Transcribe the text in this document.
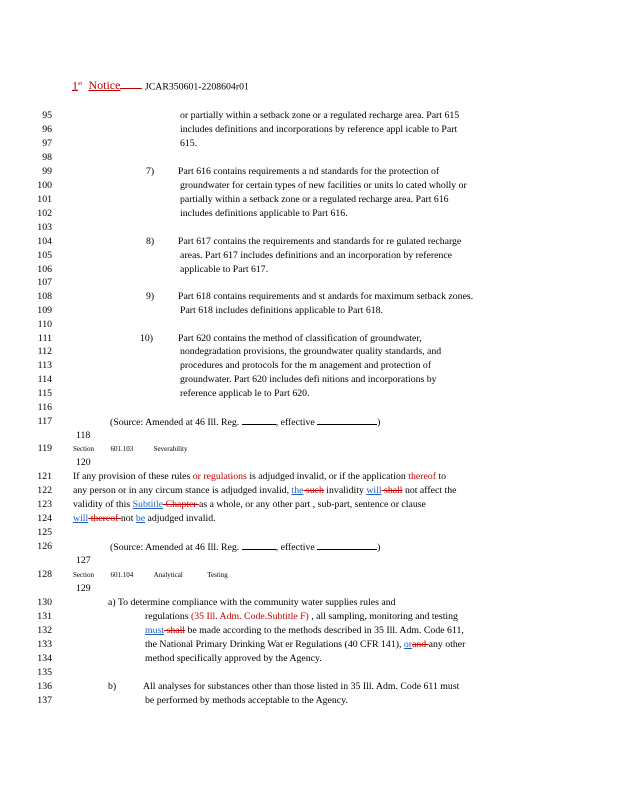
1st Notice JCAR350601-2208604r01
95
96
97
98
99
100
101
102
103
104
105
106
107
108
109
110
111
112
113
114
115
116
117
118
119
120
121
122
123
124
125
126
127
128
129
130
131
132
133
134
135
136
137
or partially within a setback zone or a regulated recharge area. Part 615
includes definitions and incorporations by reference appl icable to Part
615.
7) Part 616 contains requirements a nd standards for the protection of
groundwater for certain types of new facilities or units lo cated wholly or
partially within a setback zone or a regulated recharge area. Part 616
includes definitions applicable to Part 616.
8) Part 617 contains the requirements and standards for re gulated recharge
areas. Part 617 includes definitions and an incorporation by reference
applicable to Part 617.
9) Part 618 contains requirements and st andards for maximum setback zones.
Part 618 includes definitions applicable to Part 618.
10)	Part 620 contains the method of classification of groundwater,
nondegradation provisions, the groundwater quality standards, and
procedures and protocols for the m anagement and protection of
groundwater. Part 620 includes defi nitions and incorporations by
reference applicab le to Part 620.
(Source: Amended at 46 Ill. Reg.	, effective	)
Section 601.103	Severability
If any provision of these rules or regulations is adjudged invalid, or if the application thereof to
any person or in any circum stance is adjudged invalid, the such invalidity will shall not affect the
validity of this Subtitle Chapter as a whole, or any other part , sub-part, sentence or clause
will thereof not be adjudged invalid.
(Source: Amended at 46 Ill. Reg.	, effective	)
Section 601.104	Analytical	Testing
a) To determine compliance with the community water supplies rules and
regulations (35 Ill. Adm. Code.Subtitle F) , all sampling, monitoring and testing
must shall be made according to the methods described in 35 Ill. Adm. Code 611,
the National Primary Drinking Wat er Regulations (40 CFR 141), orand any other
method specifically approved by the Agency.
b)	All analyses for substances other than those listed in 35 Ill. Adm. Code 611 must
be performed by methods acceptable to the Agency.
